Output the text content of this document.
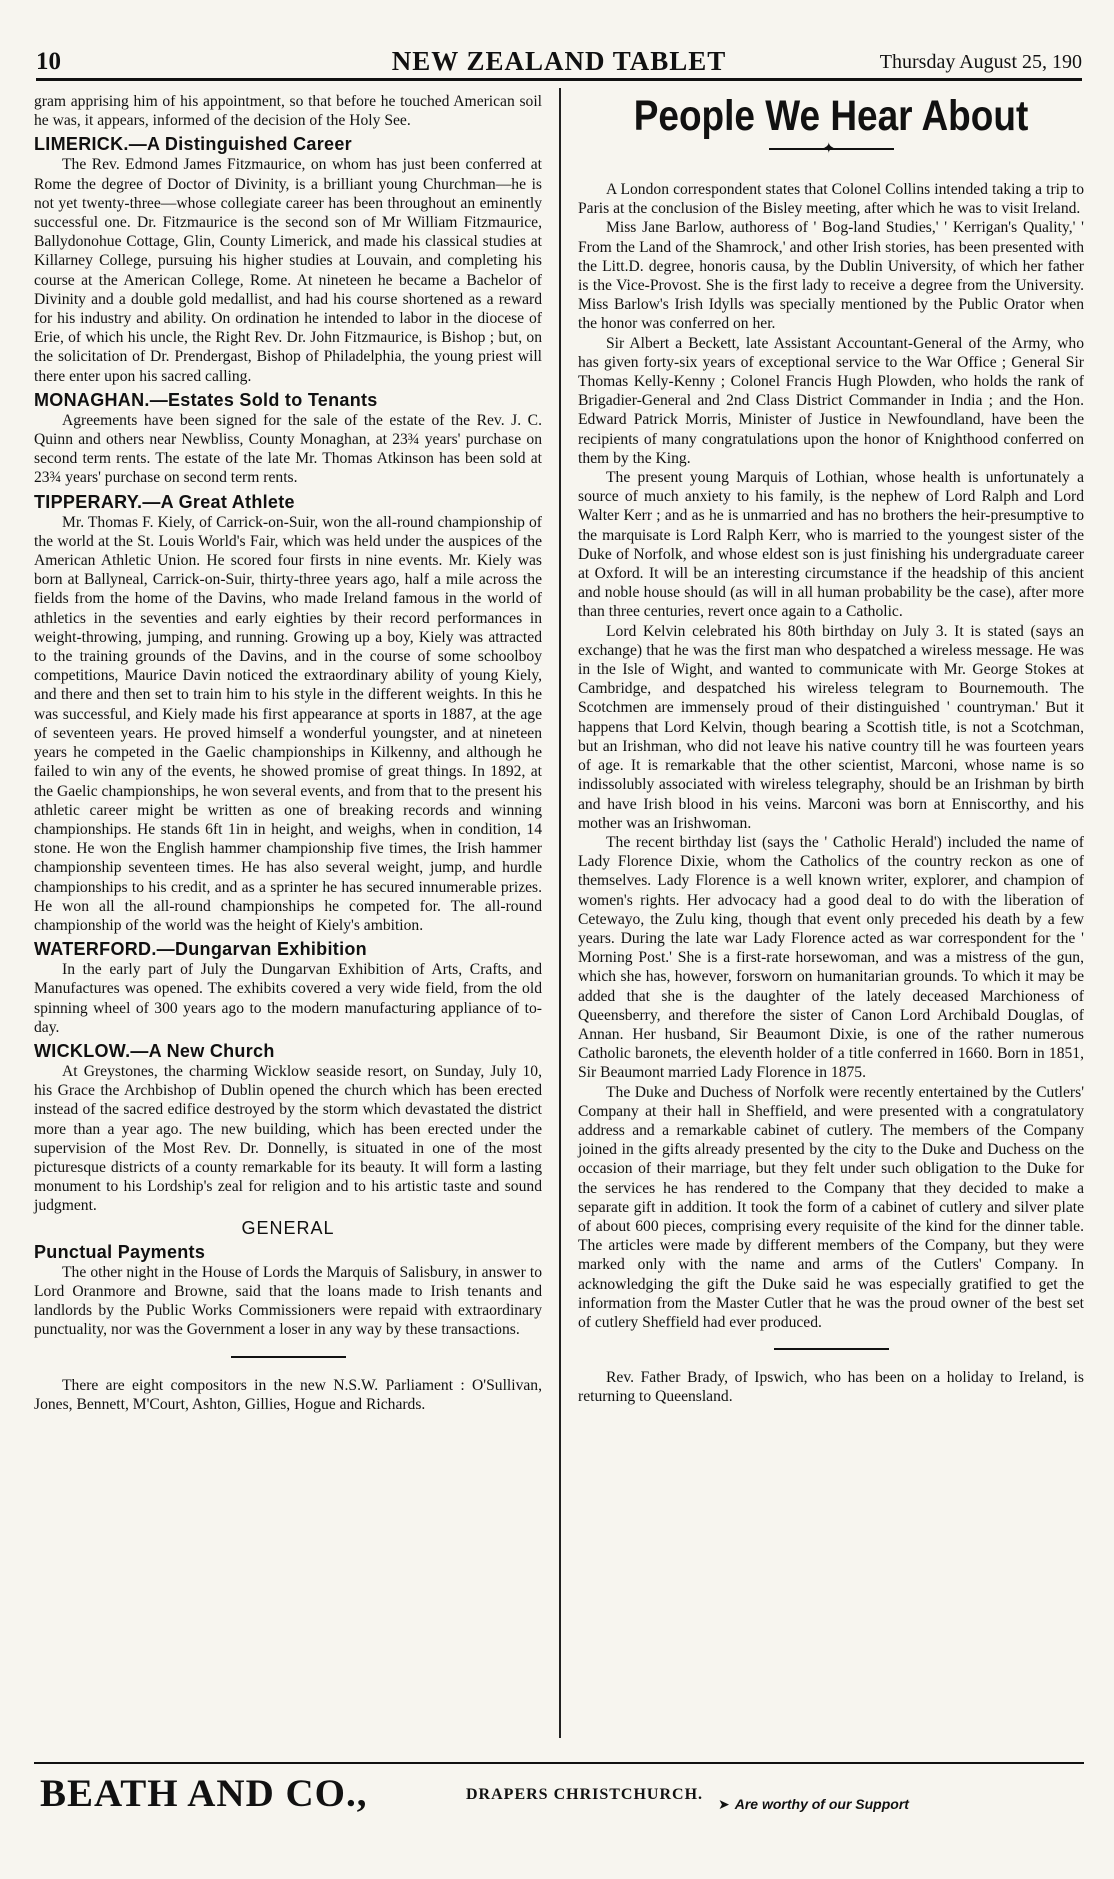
10	NEW ZEALAND TABLET	Thursday August 25, 190

gram apprising him of his appointment, so that before he touched American soil he was, it appears, informed of the decision of the Holy See.

LIMERICK.—A Distinguished Career

The Rev. Edmond James Fitzmaurice, on whom has just been conferred at Rome the degree of Doctor of Divinity, is a brilliant young Churchman—he is not yet twenty-three—whose collegiate career has been throughout an eminently successful one. Dr. Fitzmaurice is the second son of Mr William Fitzmaurice, Ballydonohue Cottage, Glin, County Limerick, and made his classical studies at Killarney College, pursuing his higher studies at Louvain, and completing his course at the American College, Rome. At nineteen he became a Bachelor of Divinity and a double gold medallist, and had his course shortened as a reward for his industry and ability. On ordination he intended to labor in the diocese of Erie, of which his uncle, the Right Rev. Dr. John Fitzmaurice, is Bishop ; but, on the solicitation of Dr. Prendergast, Bishop of Philadelphia, the young priest will there enter upon his sacred calling.

MONAGHAN.—Estates Sold to Tenants

Agreements have been signed for the sale of the estate of the Rev. J. C. Quinn and others near Newbliss, County Monaghan, at 23¾ years' purchase on second term rents. The estate of the late Mr. Thomas Atkinson has been sold at 23¾ years' purchase on second term rents.

TIPPERARY.—A Great Athlete

Mr. Thomas F. Kiely, of Carrick-on-Suir, won the all-round championship of the world at the St. Louis World's Fair, which was held under the auspices of the American Athletic Union. He scored four firsts in nine events. Mr. Kiely was born at Ballyneal, Carrick-on-Suir, thirty-three years ago, half a mile across the fields from the home of the Davins, who made Ireland famous in the world of athletics in the seventies and early eighties by their record performances in weight-throwing, jumping, and running. Growing up a boy, Kiely was attracted to the training grounds of the Davins, and in the course of some schoolboy competitions, Maurice Davin noticed the extraordinary ability of young Kiely, and there and then set to train him to his style in the different weights. In this he was successful, and Kiely made his first appearance at sports in 1887, at the age of seventeen years. He proved himself a wonderful youngster, and at nineteen years he competed in the Gaelic championships in Kilkenny, and although he failed to win any of the events, he showed promise of great things. In 1892, at the Gaelic championships, he won several events, and from that to the present his athletic career might be written as one of breaking records and winning championships. He stands 6ft 1in in height, and weighs, when in condition, 14 stone. He won the English hammer championship five times, the Irish hammer championship seventeen times. He has also several weight, jump, and hurdle championships to his credit, and as a sprinter he has secured innumerable prizes. He won all the all-round championships he competed for. The all-round championship of the world was the height of Kiely's ambition.

WATERFORD.—Dungarvan Exhibition

In the early part of July the Dungarvan Exhibition of Arts, Crafts, and Manufactures was opened. The exhibits covered a very wide field, from the old spinning wheel of 300 years ago to the modern manufacturing appliance of to-day.

WICKLOW.—A New Church

At Greystones, the charming Wicklow seaside resort, on Sunday, July 10, his Grace the Archbishop of Dublin opened the church which has been erected instead of the sacred edifice destroyed by the storm which devastated the district more than a year ago. The new building, which has been erected under the supervision of the Most Rev. Dr. Donnelly, is situated in one of the most picturesque districts of a county remarkable for its beauty. It will form a lasting monument to his Lordship's zeal for religion and to his artistic taste and sound judgment.

GENERAL
Punctual Payments

The other night in the House of Lords the Marquis of Salisbury, in answer to Lord Oranmore and Browne, said that the loans made to Irish tenants and landlords by the Public Works Commissioners were repaid with extraordinary punctuality, nor was the Government a loser in any way by these transactions.

There are eight compositors in the new N.S.W. Parliament : O'Sullivan, Jones, Bennett, M'Court, Ashton, Gillies, Hogue and Richards.

People We Hear About
✦

A London correspondent states that Colonel Collins intended taking a trip to Paris at the conclusion of the Bisley meeting, after which he was to visit Ireland.

Miss Jane Barlow, authoress of ' Bog-land Studies,' ' Kerrigan's Quality,' ' From the Land of the Shamrock,' and other Irish stories, has been presented with the Litt.D. degree, honoris causa, by the Dublin University, of which her father is the Vice-Provost. She is the first lady to receive a degree from the University. Miss Barlow's Irish Idylls was specially mentioned by the Public Orator when the honor was conferred on her.

Sir Albert a Beckett, late Assistant Accountant-General of the Army, who has given forty-six years of exceptional service to the War Office ; General Sir Thomas Kelly-Kenny ; Colonel Francis Hugh Plowden, who holds the rank of Brigadier-General and 2nd Class District Commander in India ; and the Hon. Edward Patrick Morris, Minister of Justice in Newfoundland, have been the recipients of many congratulations upon the honor of Knighthood conferred on them by the King.

The present young Marquis of Lothian, whose health is unfortunately a source of much anxiety to his family, is the nephew of Lord Ralph and Lord Walter Kerr ; and as he is unmarried and has no brothers the heir-presumptive to the marquisate is Lord Ralph Kerr, who is married to the youngest sister of the Duke of Norfolk, and whose eldest son is just finishing his undergraduate career at Oxford. It will be an interesting circumstance if the headship of this ancient and noble house should (as will in all human probability be the case), after more than three centuries, revert once again to a Catholic.

Lord Kelvin celebrated his 80th birthday on July 3. It is stated (says an exchange) that he was the first man who despatched a wireless message. He was in the Isle of Wight, and wanted to communicate with Mr. George Stokes at Cambridge, and despatched his wireless telegram to Bournemouth. The Scotchmen are immensely proud of their distinguished ' countryman.' But it happens that Lord Kelvin, though bearing a Scottish title, is not a Scotchman, but an Irishman, who did not leave his native country till he was fourteen years of age. It is remarkable that the other scientist, Marconi, whose name is so indissolubly associated with wireless telegraphy, should be an Irishman by birth and have Irish blood in his veins. Marconi was born at Enniscorthy, and his mother was an Irishwoman.

The recent birthday list (says the ' Catholic Herald') included the name of Lady Florence Dixie, whom the Catholics of the country reckon as one of themselves. Lady Florence is a well known writer, explorer, and champion of women's rights. Her advocacy had a good deal to do with the liberation of Cetewayo, the Zulu king, though that event only preceded his death by a few years. During the late war Lady Florence acted as war correspondent for the ' Morning Post.' She is a first-rate horsewoman, and was a mistress of the gun, which she has, however, forsworn on humanitarian grounds. To which it may be added that she is the daughter of the lately deceased Marchioness of Queensberry, and therefore the sister of Canon Lord Archibald Douglas, of Annan. Her husband, Sir Beaumont Dixie, is one of the rather numerous Catholic baronets, the eleventh holder of a title conferred in 1660. Born in 1851, Sir Beaumont married Lady Florence in 1875.

The Duke and Duchess of Norfolk were recently entertained by the Cutlers' Company at their hall in Sheffield, and were presented with a congratulatory address and a remarkable cabinet of cutlery. The members of the Company joined in the gifts already presented by the city to the Duke and Duchess on the occasion of their marriage, but they felt under such obligation to the Duke for the services he has rendered to the Company that they decided to make a separate gift in addition. It took the form of a cabinet of cutlery and silver plate of about 600 pieces, comprising every requisite of the kind for the dinner table. The articles were made by different members of the Company, but they were marked only with the name and arms of the Cutlers' Company. In acknowledging the gift the Duke said he was especially gratified to get the information from the Master Cutler that he was the proud owner of the best set of cutlery Sheffield had ever produced.

Rev. Father Brady, of Ipswich, who has been on a holiday to Ireland, is returning to Queensland.

BEATH AND CO.,	DRAPERS CHRISTCHURCH.
➤ Are worthy of our Support
